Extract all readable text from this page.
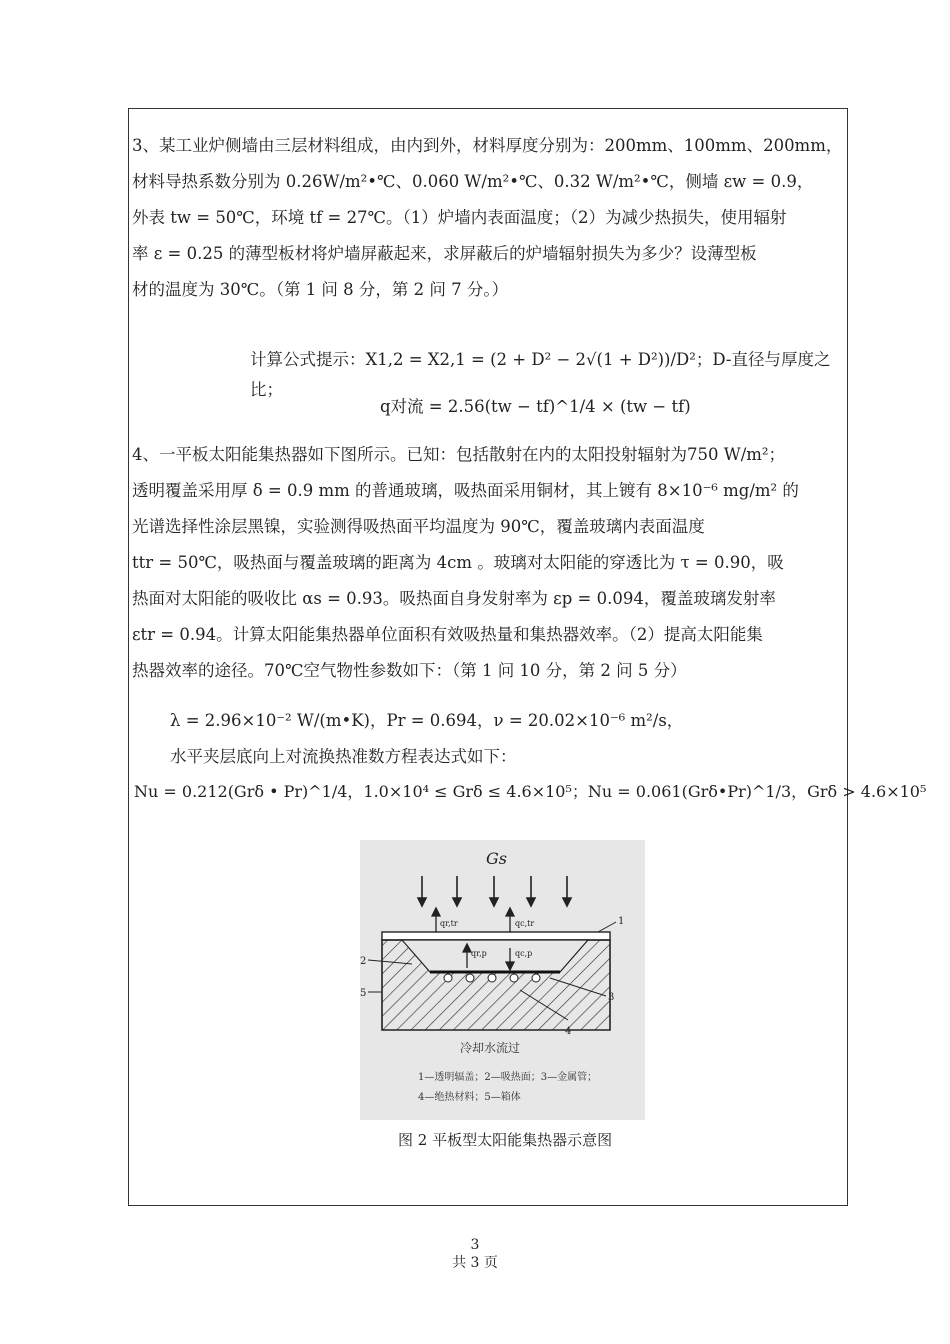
3、某工业炉侧墙由三层材料组成，由内到外，材料厚度分别为：200mm、100mm、200mm，

材料导热系数分别为 0.26W/m²•℃、0.060 W/m²•℃、0.32 W/m²•℃，侧墙 εw = 0.9，

外表 tw = 50℃，环境 tf = 27℃。（1）炉墙内表面温度；（2）为减少热损失，使用辐射

率 ε = 0.25 的薄型板材将炉墙屏蔽起来，求屏蔽后的炉墙辐射损失为多少？设薄型板

材的温度为 30℃。（第 1 问 8 分，第 2 问 7 分。）

计算公式提示：X1,2 = X2,1 = (2 + D² − 2√(1 + D²))/D²；D-直径与厚度之比；

q对流 = 2.56(tw − tf)^1/4 × (tw − tf)

4、一平板太阳能集热器如下图所示。已知：包括散射在内的太阳投射辐射为750 W/m²；

透明覆盖采用厚 δ = 0.9 mm 的普通玻璃，吸热面采用铜材，其上镀有 8×10⁻⁶ mg/m² 的

光谱选择性涂层黑镍，实验测得吸热面平均温度为 90℃，覆盖玻璃内表面温度

ttr = 50℃，吸热面与覆盖玻璃的距离为 4cm 。玻璃对太阳能的穿透比为 τ = 0.90，吸

热面对太阳能的吸收比 αs = 0.93。吸热面自身发射率为 εp = 0.094，覆盖玻璃发射率

εtr = 0.94。计算太阳能集热器单位面积有效吸热量和集热器效率。（2）提高太阳能集

热器效率的途径。70℃空气物性参数如下：（第 1 问 10 分，第 2 问 5 分）

λ = 2.96×10⁻² W/(m•K)，Pr = 0.694，ν = 20.02×10⁻⁶ m²/s，

水平夹层底向上对流换热准数方程表达式如下：

Nu = 0.212(Grδ • Pr)^1/4，1.0×10⁴ ≤ Grδ ≤ 4.6×10⁵；Nu = 0.061(Grδ•Pr)^1/3，Grδ > 4.6×10⁵

Gs
qr,tr	qc,tr
qr,p	qc,p
1
2
3
4
5
冷却水流过
1—透明辐盖；2—吸热面；3—金属管；
4—绝热材料；5—箱体

图 2 平板型太阳能集热器示意图

3

共 3 页
